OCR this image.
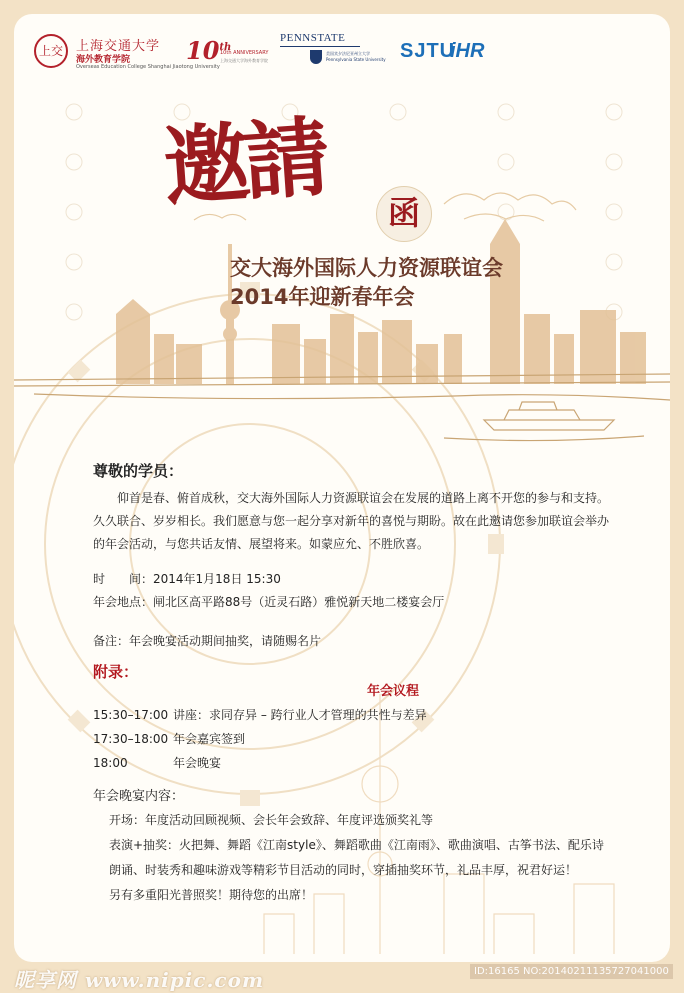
上交	上海交通大学
海外教育学院
Overseas Education College Shanghai Jiaotong University
10th
10th ANNIVERSARY
上海交通大学海外教育学院
PENNSTATE
美国宾夕法尼亚州立大学
Pennsylvania State University SJTU
iHR
邀請	函
交大海外国际人力资源联谊会
2014年迎新春年会
尊敬的学员：
仰首是春、俯首成秋，交大海外国际人力资源联谊会在发展的道路上离不开您的参与和支持。
久久联合、岁岁相长。我们愿意与您一起分享对新年的喜悦与期盼。故在此邀请您参加联谊会举办
的年会活动，与您共话友情、展望将来。如蒙应允、不胜欣喜。
时　　间：2014年1月18日 15:30
年会地点：闸北区高平路88号（近灵石路）雅悦新天地二楼宴会厅
备注：年会晚宴活动期间抽奖，请随赐名片
附录：
年会议程
15:30–17:00 讲座：求同存异 – 跨行业人才管理的共性与差异
17:30–18:00 年会嘉宾签到
18:00	年会晚宴
年会晚宴内容：
开场：年度活动回顾视频、会长年会致辞、年度评选颁奖礼等
表演+抽奖：火把舞、舞蹈《江南style》、舞蹈歌曲《江南雨》、歌曲演唱、古筝书法、配乐诗
朗诵、时装秀和趣味游戏等精彩节目活动的同时，穿插抽奖环节，礼品丰厚，祝君好运！
另有多重阳光普照奖！期待您的出席！
昵享网 www.nipic.com	ID:16165 NO:20140211135727041000
